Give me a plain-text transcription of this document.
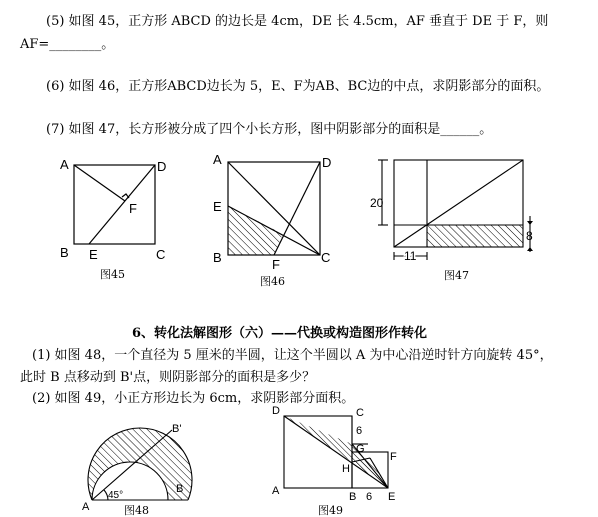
(5) 如图 45，正方形 ABCD 的边长是 4cm，DE 长 4.5cm，AF 垂直于 DE 于 F，则
AF=________。
(6) 如图 46，正方形ABCD边长为 5，E、F为AB、BC边的中点，求阴影部分的面积。
(7) 如图 47，长方形被分成了四个小长方形，图中阴影部分的面积是______。
A	D
F
B E	C
图45
A	D
E
B	F	C
图46
20
8
11
图47
6、转化法解图形（六）——代换或构造图形作转化
(1) 如图 48，一个直径为 5 厘米的半圆，让这个半圆以 A 为中心沿逆时针方向旋转 45°，
此时 B 点移动到 B'点，则阴影部分的面积是多少？
(2) 如图 49，小正方形边长为 6cm，求阴影部分面积。
A
B
B'
45°
图48
D	C
6
G
H
F
A	B 6 E
图49
